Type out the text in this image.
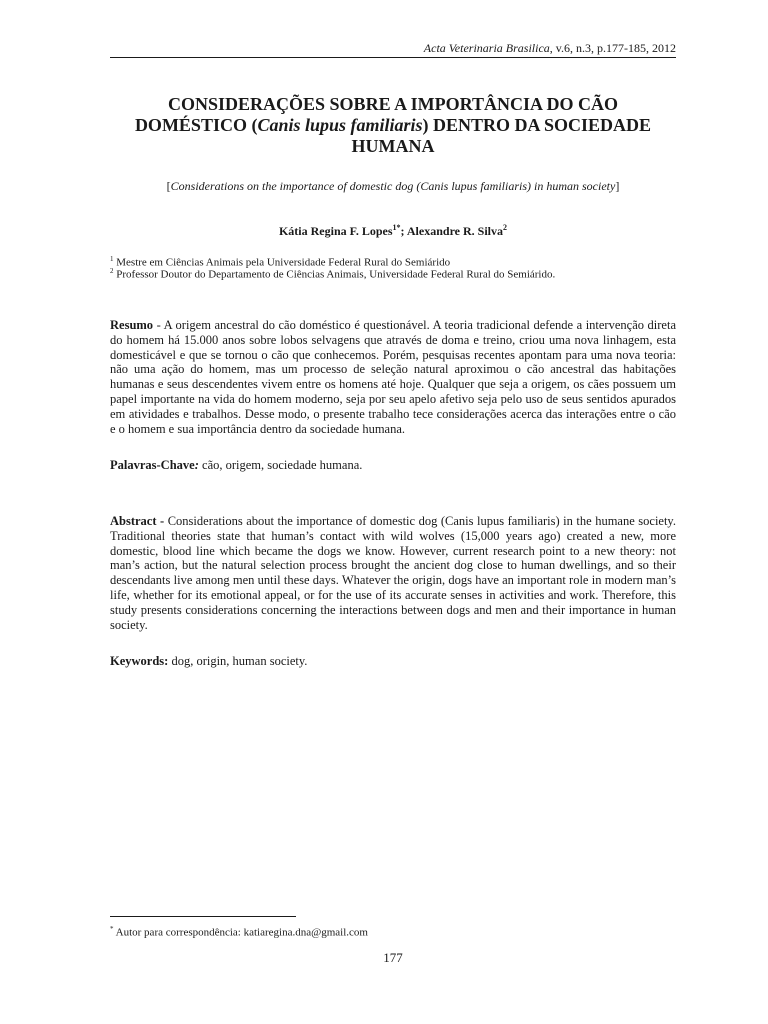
Acta Veterinaria Brasilica, v.6, n.3, p.177-185, 2012
CONSIDERAÇÕES SOBRE A IMPORTÂNCIA DO CÃO
DOMÉSTICO (Canis lupus familiaris) DENTRO DA SOCIEDADE
HUMANA
[Considerations on the importance of domestic dog (Canis lupus familiaris) in human society]
Kátia Regina F. Lopes$^{1*}$; Alexandre R. Silva$^2$
$^1$ Mestre em Ciências Animais pela Universidade Federal Rural do Semiárido
$^2$ Professor Doutor do Departamento de Ciências Animais, Universidade Federal Rural do Semiárido.
Resumo - A origem ancestral do cão doméstico é questionável. A teoria tradicional defende a intervenção direta do homem há 15.000 anos sobre lobos selvagens que através de doma e treino, criou uma nova linhagem, esta domesticável e que se tornou o cão que conhecemos. Porém, pesquisas recentes apontam para uma nova teoria: não uma ação do homem, mas um processo de seleção natural aproximou o cão ancestral das habitações humanas e seus descendentes vivem entre os homens até hoje. Qualquer que seja a origem, os cães possuem um papel importante na vida do homem moderno, seja por seu apelo afetivo seja pelo uso de seus sentidos apurados em atividades e trabalhos. Desse modo, o presente trabalho tece considerações acerca das interações entre o cão e o homem e sua importância dentro da sociedade humana.
Palavras-Chave: cão, origem, sociedade humana.
Abstract - Considerations about the importance of domestic dog (Canis lupus familiaris) in the humane society. Traditional theories state that human’s contact with wild wolves (15,000 years ago) created a new, more domestic, blood line which became the dogs we know. However, current research point to a new theory: not man’s action, but the natural selection process brought the ancient dog close to human dwellings, and so their descendants live among men until these days. Whatever the origin, dogs have an important role in modern man’s life, whether for its emotional appeal, or for the use of its accurate senses in activities and work. Therefore, this study presents considerations concerning the interactions between dogs and men and their importance in human society.
Keywords: dog, origin, human society.
* Autor para correspondência: katiaregina.dna@gmail.com
177
